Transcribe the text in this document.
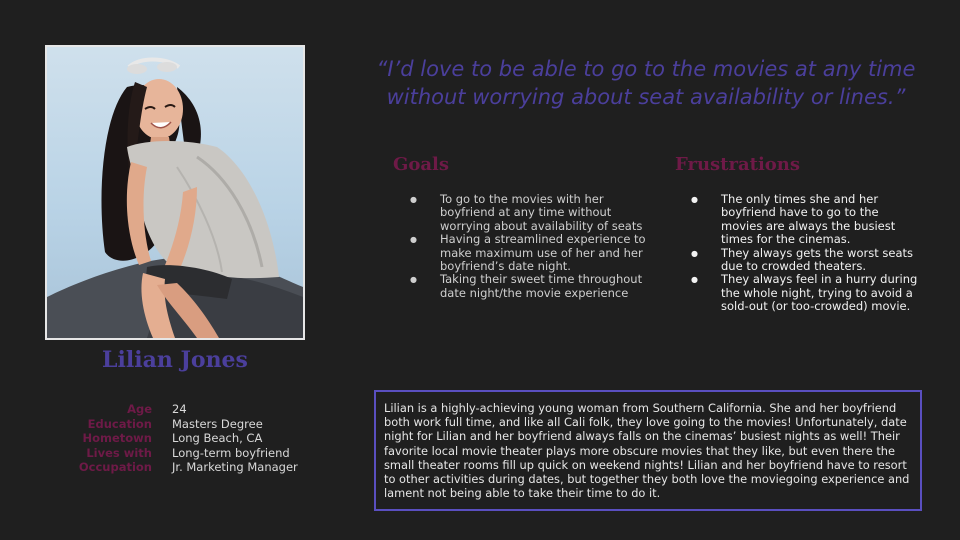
Lilian Jones
Age	24
Education	Masters Degree
Hometown	Long Beach, CA
Lives with	Long-term boyfriend
Occupation	Jr. Marketing Manager

“I’d love to be able to go to the movies at any time without worrying about seat availability or lines.”

Goals
● To go to the movies with her boyfriend at any time without worrying about availability of seats
● Having a streamlined experience to make maximum use of her and her boyfriend’s date night.
● Taking their sweet time throughout date night/the movie experience
Frustrations
● The only times she and her boyfriend have to go to the movies are always the busiest times for the cinemas.
● They always gets the worst seats due to crowded theaters.
● They always feel in a hurry during the whole night, trying to avoid a sold-out (or too-crowded) movie.

Lilian is a highly-achieving young woman from Southern California. She and her boyfriend both work full time, and like all Cali folk, they love going to the movies! Unfortunately, date night for Lilian and her boyfriend always falls on the cinemas’ busiest nights as well! Their favorite local movie theater plays more obscure movies that they like, but even there the small theater rooms fill up quick on weekend nights! Lilian and her boyfriend have to resort to other activities during dates, but together they both love the moviegoing experience and lament not being able to take their time to do it.
